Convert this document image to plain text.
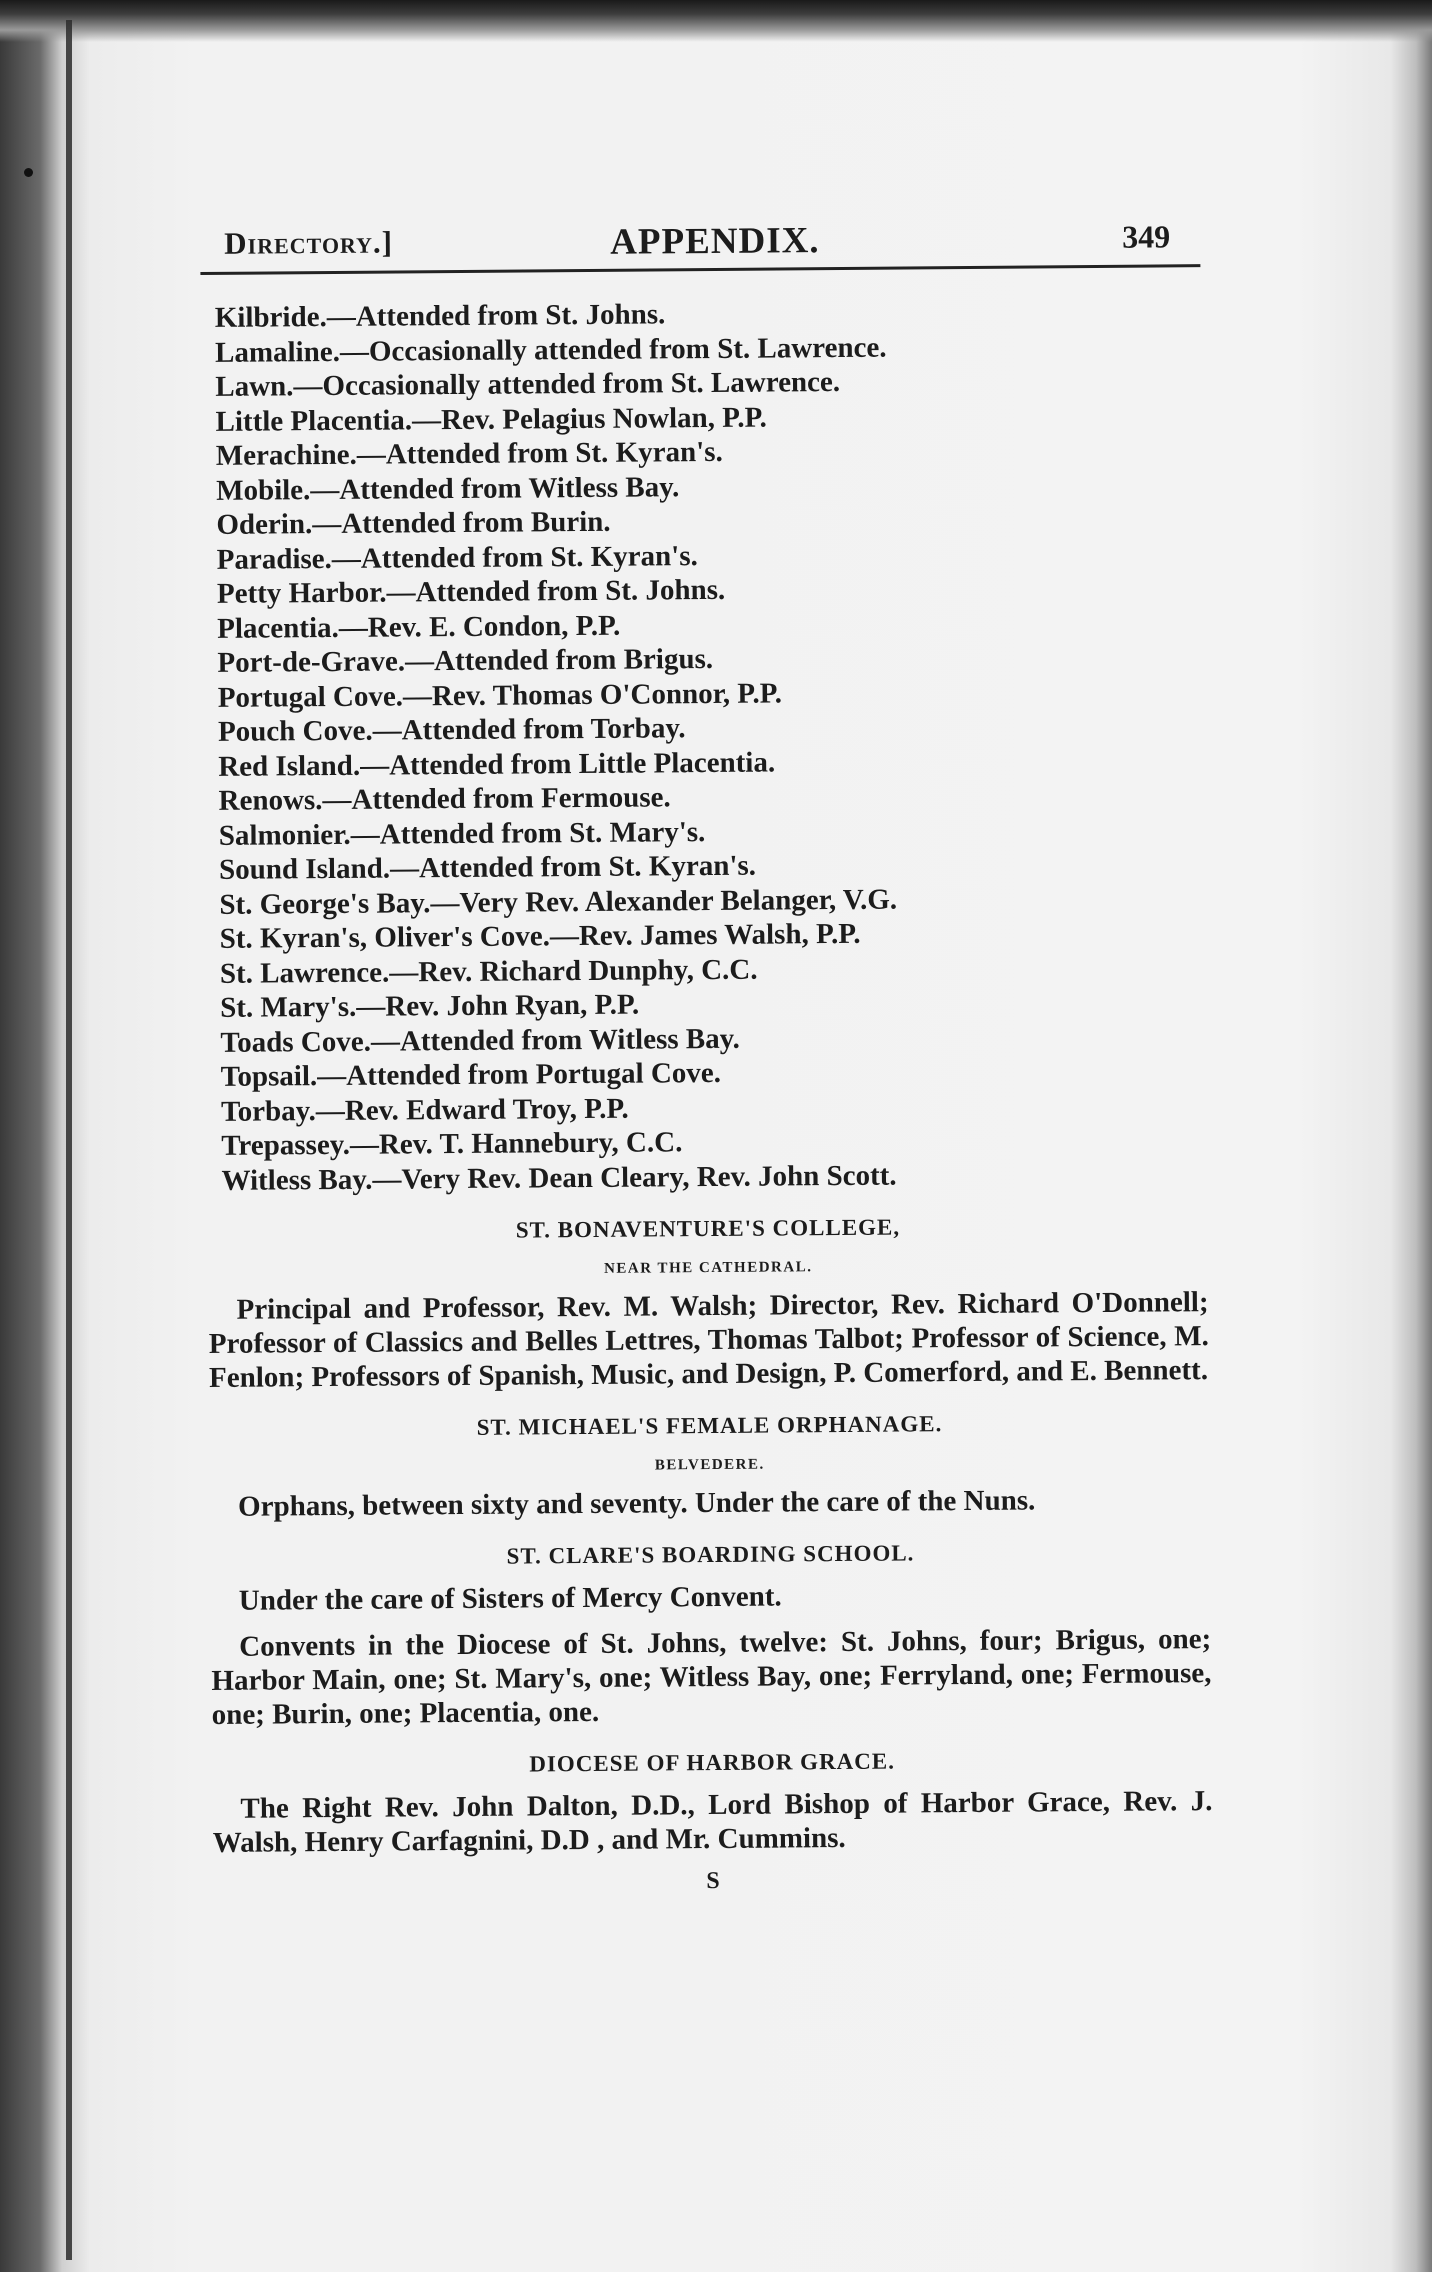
Directory.]	APPENDIX.	349
Kilbride.—Attended from St. Johns.
Lamaline.—Occasionally attended from St. Lawrence.
Lawn.—Occasionally attended from St. Lawrence.
Little Placentia.—Rev. Pelagius Nowlan, P.P.
Merachine.—Attended from St. Kyran's.
Mobile.—Attended from Witless Bay.
Oderin.—Attended from Burin.
Paradise.—Attended from St. Kyran's.
Petty Harbor.—Attended from St. Johns.
Placentia.—Rev. E. Condon, P.P.
Port-de-Grave.—Attended from Brigus.
Portugal Cove.—Rev. Thomas O'Connor, P.P.
Pouch Cove.—Attended from Torbay.
Red Island.—Attended from Little Placentia.
Renows.—Attended from Fermouse.
Salmonier.—Attended from St. Mary's.
Sound Island.—Attended from St. Kyran's.
St. George's Bay.—Very Rev. Alexander Belanger, V.G.
St. Kyran's, Oliver's Cove.—Rev. James Walsh, P.P.
St. Lawrence.—Rev. Richard Dunphy, C.C.
St. Mary's.—Rev. John Ryan, P.P.
Toads Cove.—Attended from Witless Bay.
Topsail.—Attended from Portugal Cove.
Torbay.—Rev. Edward Troy, P.P.
Trepassey.—Rev. T. Hannebury, C.C.
Witless Bay.—Very Rev. Dean Cleary, Rev. John Scott.
ST. BONAVENTURE'S COLLEGE,
NEAR THE CATHEDRAL.
Principal and Professor, Rev. M. Walsh; Director, Rev. Richard O'Donnell; Professor of Classics and Belles Lettres, Thomas Talbot; Professor of Science, M. Fenlon; Professors of Spanish, Music, and Design, P. Comerford, and E. Bennett.
ST. MICHAEL'S FEMALE ORPHANAGE.
BELVEDERE.
Orphans, between sixty and seventy. Under the care of the Nuns.
ST. CLARE'S BOARDING SCHOOL.
Under the care of Sisters of Mercy Convent.
Convents in the Diocese of St. Johns, twelve: St. Johns, four; Brigus, one; Harbor Main, one; St. Mary's, one; Witless Bay, one; Ferryland, one; Fermouse, one; Burin, one; Placentia, one.
DIOCESE OF HARBOR GRACE.
The Right Rev. John Dalton, D.D., Lord Bishop of Harbor Grace, Rev. J. Walsh, Henry Carfagnini, D.D , and Mr. Cummins.
S
